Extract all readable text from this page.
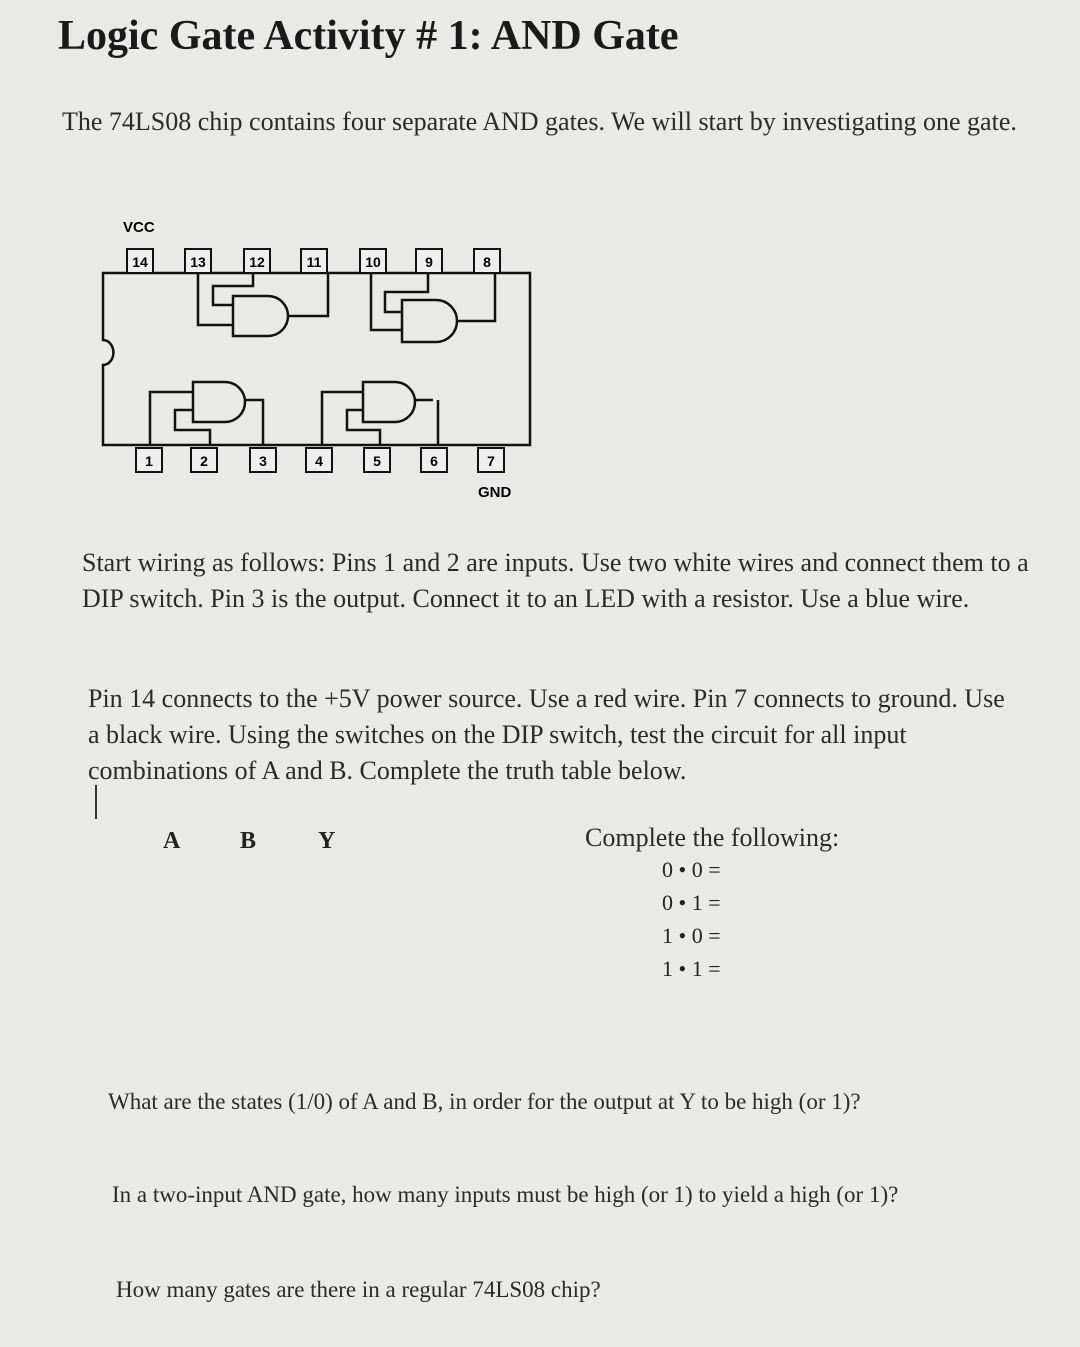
Logic Gate Activity # 1: AND Gate
The 74LS08 chip contains four separate AND gates. We will start by investigating one gate.
VCC
GND
14	13	12	11	10	9	8
1	2	3	4	5	6	7
Start wiring as follows: Pins 1 and 2 are inputs. Use two white wires and connect them to a DIP switch. Pin 3 is the output. Connect it to an LED with a resistor. Use a blue wire.
Pin 14 connects to the +5V power source. Use a red wire. Pin 7 connects to ground. Use a black wire. Using the switches on the DIP switch, test the circuit for all input combinations of A and B. Complete the truth table below.
A B	Y	Complete the following:
0 • 0 =
0 • 1 =
1 • 0 =
1 • 1 =
What are the states (1/0) of A and B, in order for the output at Y to be high (or 1)?
In a two-input AND gate, how many inputs must be high (or 1) to yield a high (or 1)?
How many gates are there in a regular 74LS08 chip?
